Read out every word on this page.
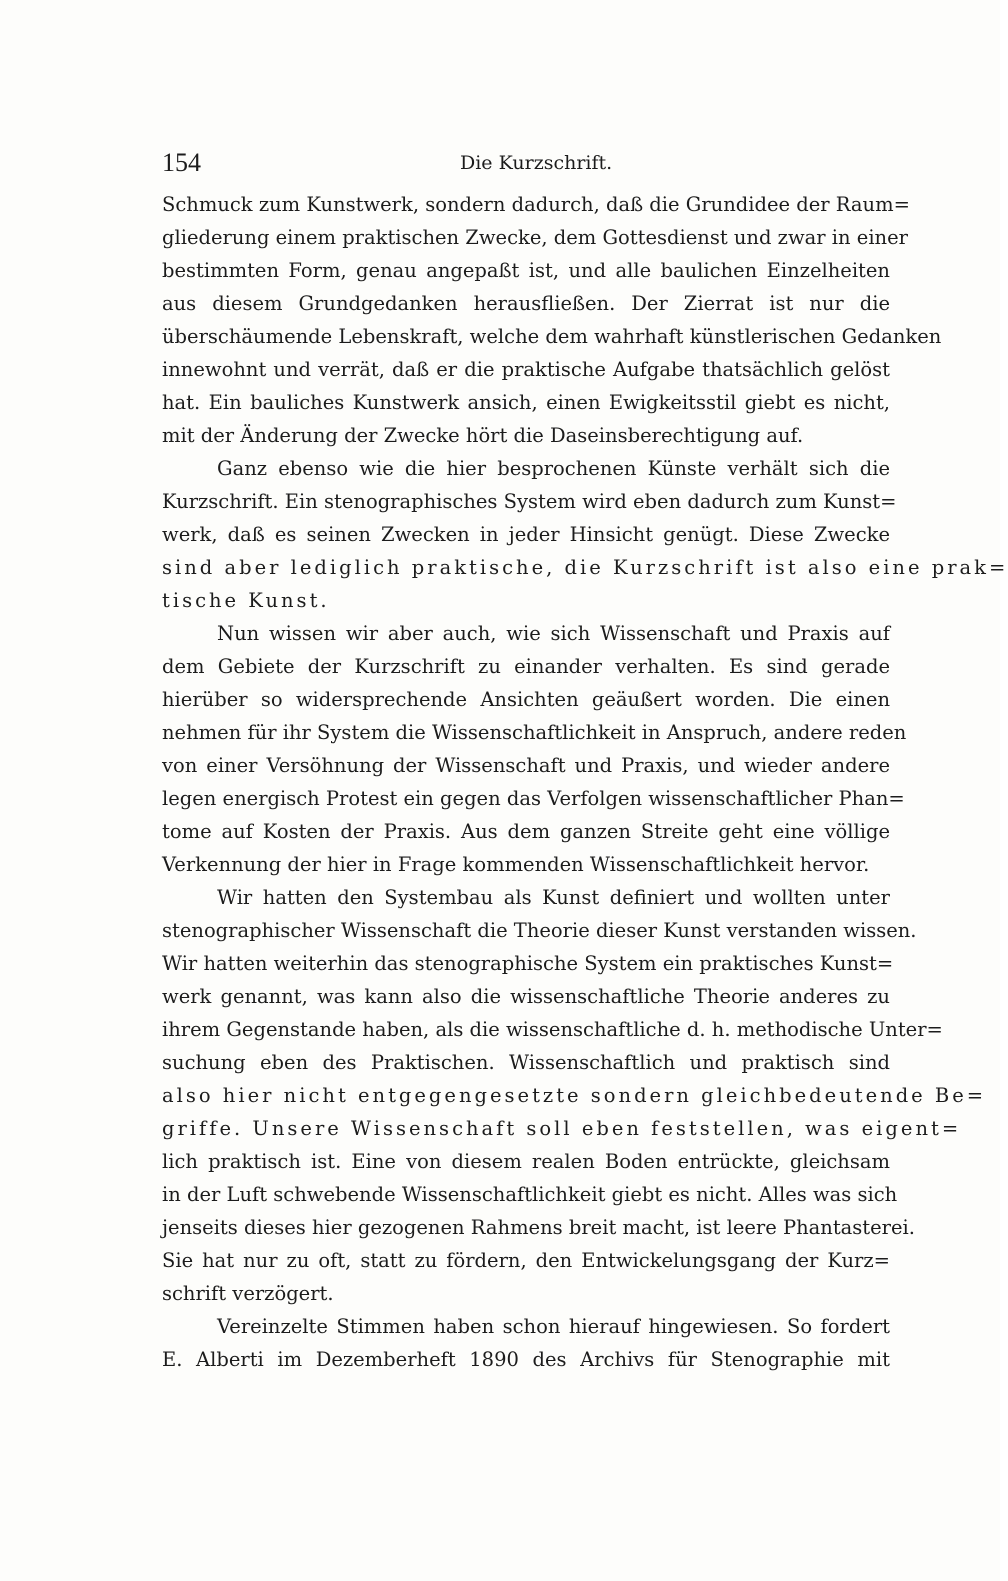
154	Die Kurzschrift.
Schmuck zum Kunstwerk, sondern dadurch, daß die Grundidee der Raum=
gliederung einem praktischen Zwecke, dem Gottesdienst und zwar in einer
bestimmten Form, genau angepaßt ist, und alle baulichen Einzelheiten
aus diesem Grundgedanken herausfließen. Der Zierrat ist nur die
überschäumende Lebenskraft, welche dem wahrhaft künstlerischen Gedanken
innewohnt und verrät, daß er die praktische Aufgabe thatsächlich gelöst
hat. Ein bauliches Kunstwerk ansich, einen Ewigkeitsstil giebt es nicht,
mit der Änderung der Zwecke hört die Daseinsberechtigung auf.
Ganz ebenso wie die hier besprochenen Künste verhält sich die
Kurzschrift. Ein stenographisches System wird eben dadurch zum Kunst=
werk, daß es seinen Zwecken in jeder Hinsicht genügt. Diese Zwecke
sind aber lediglich praktische, die Kurzschrift ist also eine prak=
tische Kunst.
Nun wissen wir aber auch, wie sich Wissenschaft und Praxis auf
dem Gebiete der Kurzschrift zu einander verhalten. Es sind gerade
hierüber so widersprechende Ansichten geäußert worden. Die einen
nehmen für ihr System die Wissenschaftlichkeit in Anspruch, andere reden
von einer Versöhnung der Wissenschaft und Praxis, und wieder andere
legen energisch Protest ein gegen das Verfolgen wissenschaftlicher Phan=
tome auf Kosten der Praxis. Aus dem ganzen Streite geht eine völlige
Verkennung der hier in Frage kommenden Wissenschaftlichkeit hervor.
Wir hatten den Systembau als Kunst definiert und wollten unter
stenographischer Wissenschaft die Theorie dieser Kunst verstanden wissen.
Wir hatten weiterhin das stenographische System ein praktisches Kunst=
werk genannt, was kann also die wissenschaftliche Theorie anderes zu
ihrem Gegenstande haben, als die wissenschaftliche d. h. methodische Unter=
suchung eben des Praktischen. Wissenschaftlich und praktisch sind
also hier nicht entgegengesetzte sondern gleichbedeutende Be=
griffe. Unsere Wissenschaft soll eben feststellen, was eigent=
lich praktisch ist. Eine von diesem realen Boden entrückte, gleichsam
in der Luft schwebende Wissenschaftlichkeit giebt es nicht. Alles was sich
jenseits dieses hier gezogenen Rahmens breit macht, ist leere Phantasterei.
Sie hat nur zu oft, statt zu fördern, den Entwickelungsgang der Kurz=
schrift verzögert.
Vereinzelte Stimmen haben schon hierauf hingewiesen. So fordert
E. Alberti im Dezemberheft 1890 des Archivs für Stenographie mit
